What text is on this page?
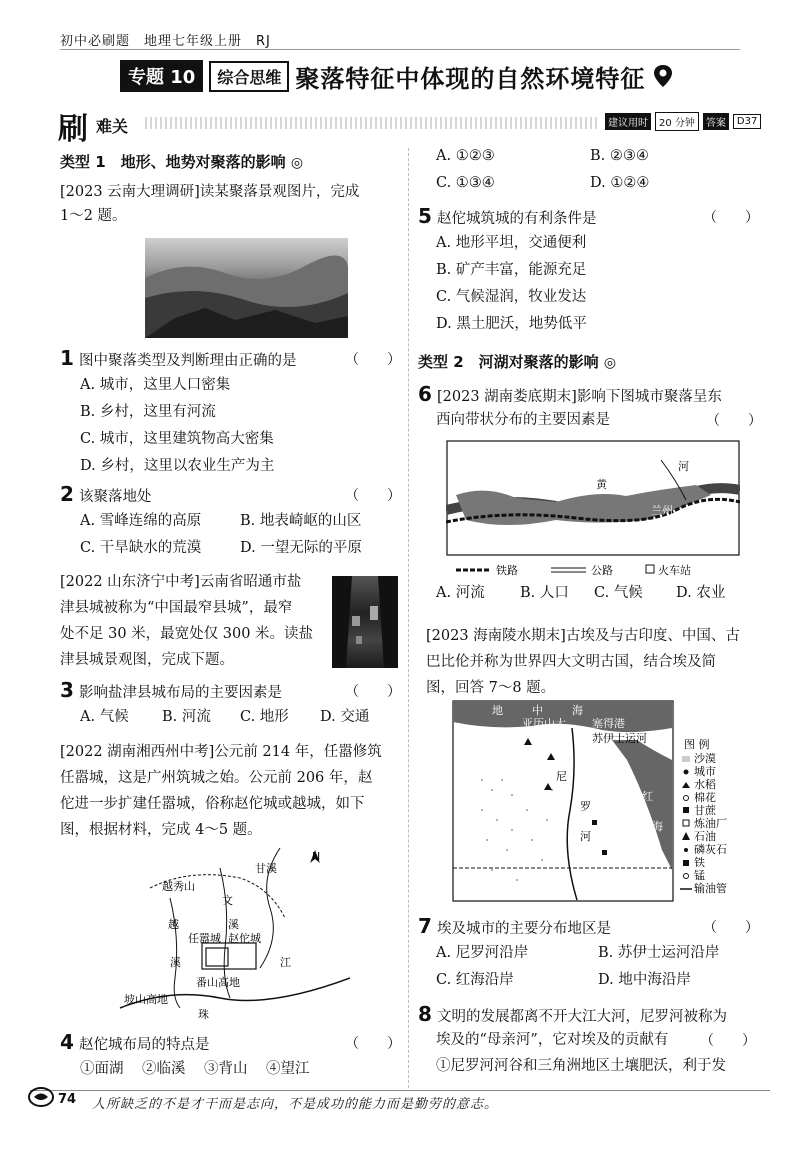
初中必刷题　地理七年级上册　RJ
专题 10	综合思维 聚落特征中体现的自然环境特征
刷 难关	建议用时	20 分钟	答案	D37
类型 1　地形、地势对聚落的影响 ◎
[2023 云南大理调研]读某聚落景观图片，完成
1～2 题。
1 图中聚落类型及判断理由正确的是	（　　）
A. 城市，这里人口密集
B. 乡村，这里有河流
C. 城市，这里建筑物高大密集
D. 乡村，这里以农业生产为主
2 该聚落地处	（　　）
A. 雪峰连绵的高原	B. 地表崎岖的山区
C. 干旱缺水的荒漠	D. 一望无际的平原
[2022 山东济宁中考]云南省昭通市盐
津县城被称为“中国最窄县城”，最窄
处不足 30 米，最宽处仅 300 米。读盐
津县城景观图，完成下题。
3 影响盐津县城布局的主要因素是	（　　）
A. 气候 B. 河流 C. 地形 D. 交通
[2022 湖南湘西州中考]公元前 214 年，任嚣修筑
任嚣城，这是广州筑城之始。公元前 206 年，赵
佗进一步扩建任嚣城，俗称赵佗城或越城，如下
图，根据材料，完成 4～5 题。
N
甘溪
越秀山
文
溪
越
溪
任嚣城 赵佗城
番山高地
坡山高地
珠
江
4 赵佗城布局的特点是	（　　）
①面湖 ②临溪 ③背山 ④望江
A. ①②③	B. ②③④
C. ①③④	D. ①②④
5 赵佗城筑城的有利条件是	（　　）
A. 地形平坦，交通便利
B. 矿产丰富，能源充足
C. 气候湿润，牧业发达
D. 黑土肥沃，地势低平
类型 2　河湖对聚落的影响 ◎
6 [2023 湖南娄底期末]影响下图城市聚落呈东
西向带状分布的主要因素是	（　　）
黄
河
兰州
铁路	公路	火车站
A. 河流 B. 人口 C. 气候 D. 农业
[2023 海南陵水期末]古埃及与古印度、中国、古
巴比伦并称为世界四大文明古国，结合埃及简
图，回答 7～8 题。
地	中	海
亚历山大 塞得港
苏伊士运河
红
海
尼
罗
河
图 例
沙漠
城市
水稻
棉花
甘蔗
炼油厂
石油
磷灰石
铁
锰
输油管
7 埃及城市的主要分布地区是	（　　）
A. 尼罗河沿岸	B. 苏伊士运河沿岸
C. 红海沿岸	D. 地中海沿岸
8 文明的发展都离不开大江大河，尼罗河被称为
埃及的“母亲河”，它对埃及的贡献有 （　　）
①尼罗河河谷和三角洲地区土壤肥沃，利于发
74 人所缺乏的不是才干而是志向，不是成功的能力而是勤劳的意志。
